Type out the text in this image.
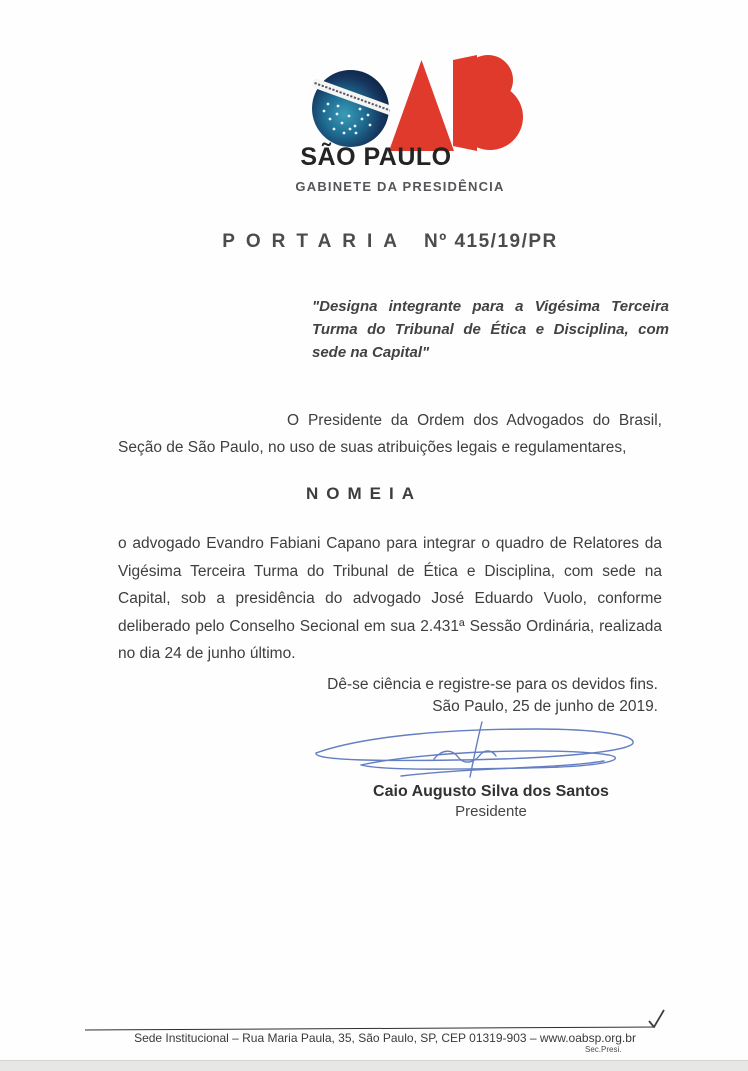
SÃO PAULO
GABINETE DA PRESIDÊNCIA
PORTARIA Nº 415/19/PR
"Designa integrante para a Vigésima Terceira Turma do Tribunal de Ética e Disciplina, com sede na Capital"
O Presidente da Ordem dos Advogados do Brasil, Seção de São Paulo, no uso de suas atribuições legais e regulamentares,
NOMEIA
o advogado Evandro Fabiani Capano para integrar o quadro de Relatores da Vigésima Terceira Turma do Tribunal de Ética e Disciplina, com sede na Capital, sob a presidência do advogado José Eduardo Vuolo, conforme deliberado pelo Conselho Secional em sua 2.431ª Sessão Ordinária, realizada no dia 24 de junho último.
Dê-se ciência e registre-se para os devidos fins.
São Paulo, 25 de junho de 2019.
Caio Augusto Silva dos Santos
Presidente
Sede Institucional – Rua Maria Paula, 35, São Paulo, SP, CEP 01319-903 – www.oabsp.org.br
Sec.Presi.
